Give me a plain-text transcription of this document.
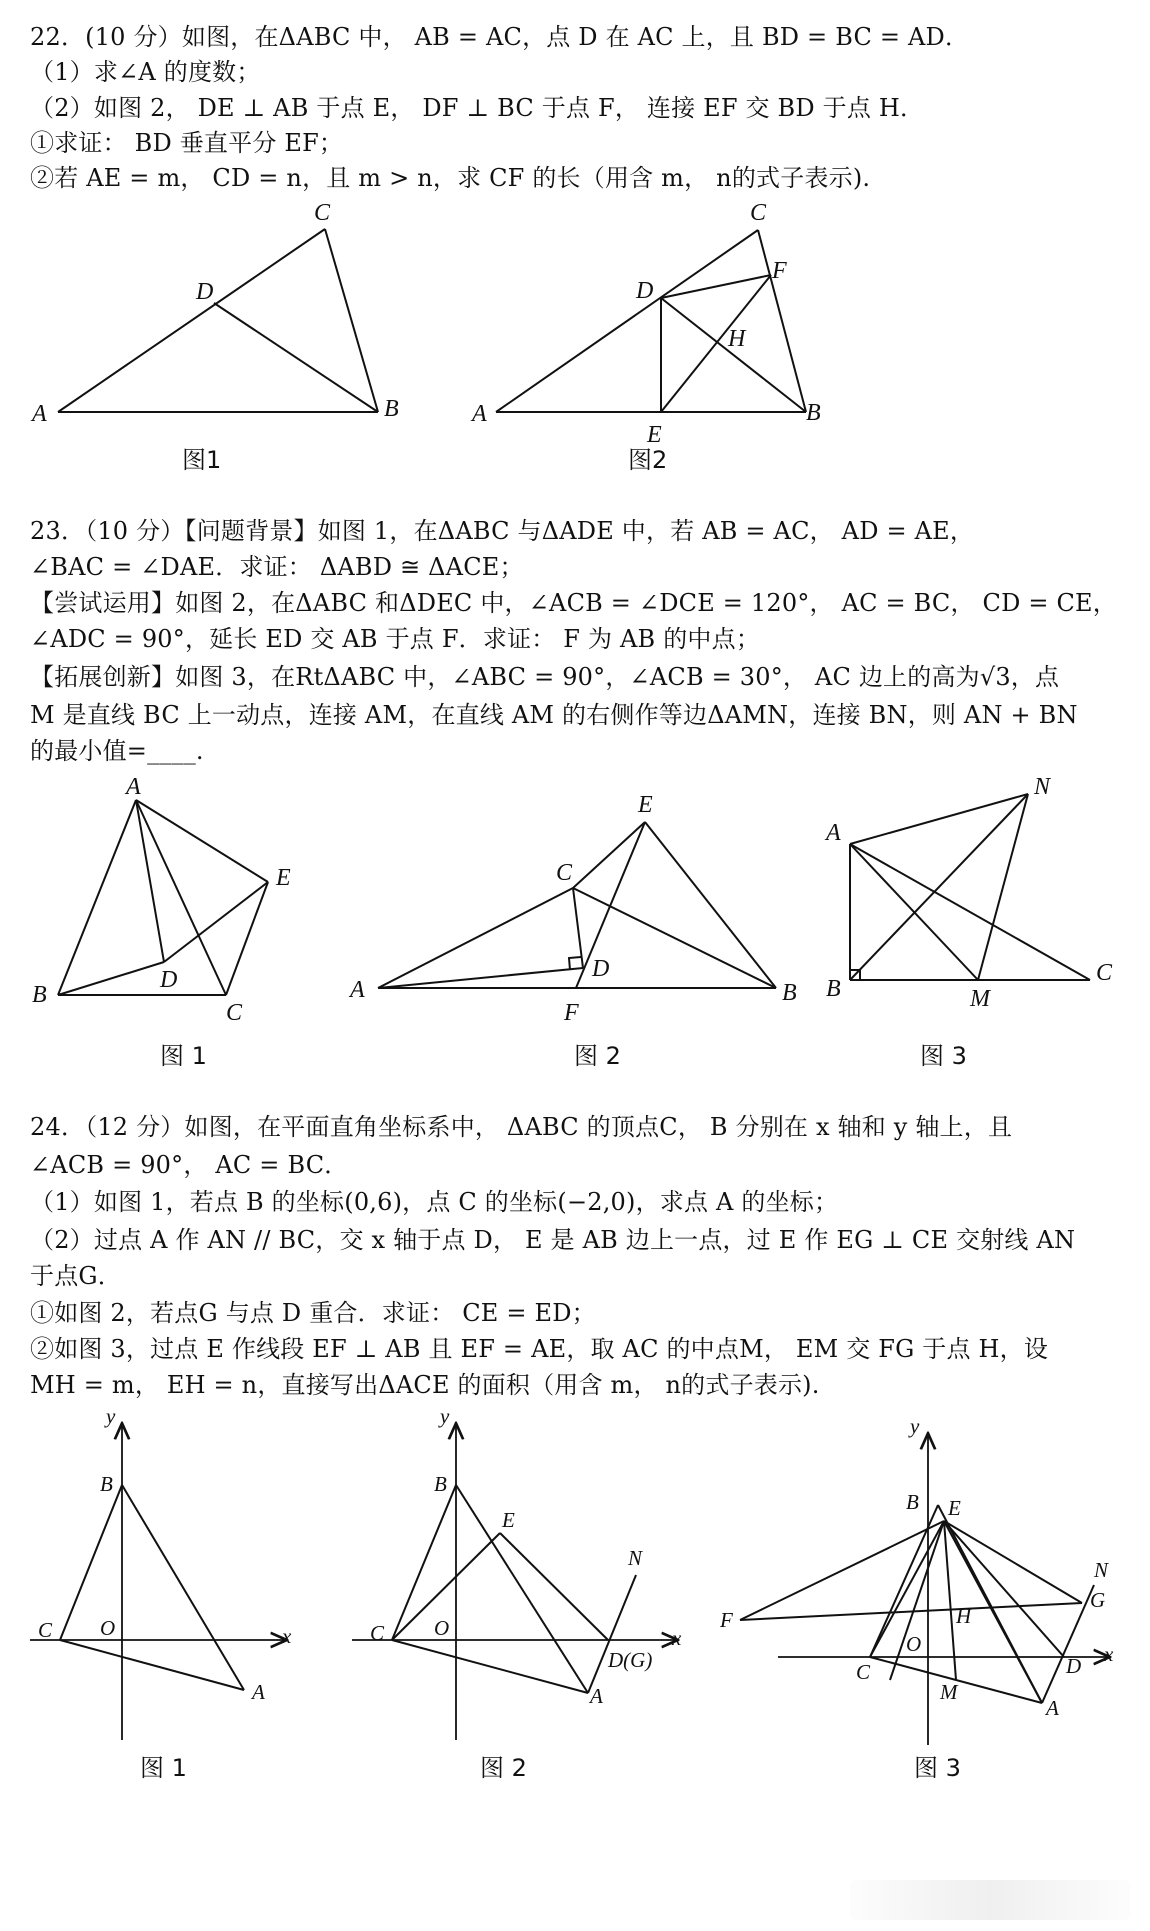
22．(10 分）如图，在ΔABC 中， AB = AC，点 D 在 AC 上，且 BD = BC = AD．
（1）求∠A 的度数；
（2）如图 2， DE ⊥ AB 于点 E， DF ⊥ BC 于点 F， 连接 EF 交 BD 于点 H．
①求证： BD 垂直平分 EF；
②若 AE = m， CD = n，且 m > n，求 CF 的长（用含 m， n的式子表示).
A	B
C
D
图1
A	B
C
D
E
F
H
图2
23．（10 分）【问题背景】如图 1，在ΔABC 与ΔADE 中，若 AB = AC， AD = AE，
∠BAC = ∠DAE．求证： ΔABD ≅ ΔACE；
【尝试运用】如图 2，在ΔABC 和ΔDEC 中，∠ACB = ∠DCE = 120°， AC = BC， CD = CE，
∠ADC = 90°，延长 ED 交 AB 于点 F．求证： F 为 AB 的中点；
【拓展创新】如图 3，在RtΔABC 中，∠ABC = 90°，∠ACB = 30°， AC 边上的高为√3，点
M 是直线 BC 上一动点，连接 AM，在直线 AM 的右侧作等边ΔAMN，连接 BN，则 AN + BN
的最小值=____.
A
B
C
D
E
图 1
A	B
C
D
E
F
图 2
A
B
C
M
N
图 3
24．（12 分）如图，在平面直角坐标系中， ΔABC 的顶点C， B 分别在 x 轴和 y 轴上，且
∠ACB = 90°， AC = BC．
（1）如图 1，若点 B 的坐标(0,6)，点 C 的坐标(−2,0)，求点 A 的坐标；
（2）过点 A 作 AN // BC，交 x 轴于点 D， E 是 AB 边上一点，过 E 作 EG ⊥ CE 交射线 AN
于点G．
①如图 2，若点G 与点 D 重合．求证： CE = ED；
②如图 3，过点 E 作线段 EF ⊥ AB 且 EF = AE，取 AC 的中点M， EM 交 FG 于点 H，设
MH = m， EH = n，直接写出ΔACE 的面积（用含 m， n的式子表示).
y
x
B
C O
A
图 1
y
x
B
C O
A
E
N
D(G)
图 2
y
x
B
C
O
A
E
N
D
F
G
H
M
图 3
